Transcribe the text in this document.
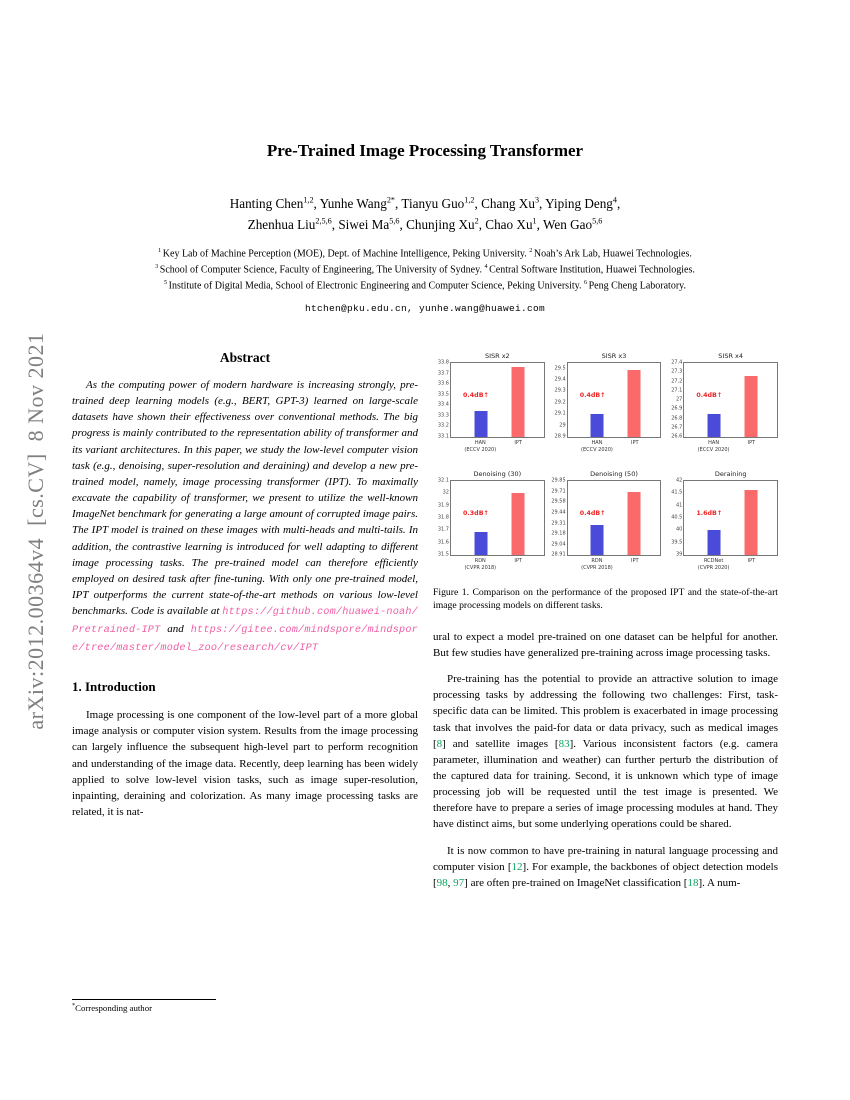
arXiv:2012.00364v4  [cs.CV]  8 Nov 2021
Pre-Trained Image Processing Transformer
Hanting Chen$^{1,2}$, Yunhe Wang$^{2*}$, Tianyu Guo$^{1,2}$, Chang Xu$^3$, Yiping Deng$^4$,
Zhenhua Liu$^{2,5,6}$, Siwei Ma$^{5,6}$, Chunjing Xu$^2$, Chao Xu$^1$, Wen Gao$^{5,6}$
$^1$ Key Lab of Machine Perception (MOE), Dept. of Machine Intelligence, Peking University. $^2$ Noah’s Ark Lab, Huawei Technologies.
$^3$ School of Computer Science, Faculty of Engineering, The University of Sydney. $^4$ Central Software Institution, Huawei Technologies.
$^5$ Institute of Digital Media, School of Electronic Engineering and Computer Science, Peking University. $^6$ Peng Cheng Laboratory.
htchen@pku.edu.cn, yunhe.wang@huawei.com
Abstract

As the computing power of modern hardware is increasing strongly, pre-trained deep learning models (e.g., BERT, GPT-3) learned on large-scale datasets have shown their effectiveness over conventional methods. The big progress is mainly contributed to the representation ability of transformer and its variant architectures. In this paper, we study the low-level computer vision task (e.g., denoising, super-resolution and deraining) and develop a new pre-trained model, namely, image processing transformer (IPT). To maximally excavate the capability of transformer, we present to utilize the well-known ImageNet benchmark for generating a large amount of corrupted image pairs. The IPT model is trained on these images with multi-heads and multi-tails. In addition, the contrastive learning is introduced for well adapting to different image processing tasks. The pre-trained model can therefore efficiently employed on desired task after fine-tuning. With only one pre-trained model, IPT outperforms the current state-of-the-art methods on various low-level benchmarks. Code is available at https://github.com/huawei-noah/Pretrained-IPT and https://gitee.com/mindspore/mindspore/tree/master/model_zoo/research/cv/IPT

1. Introduction

Image processing is one component of the low-level part of a more global image analysis or computer vision system. Results from the image processing can largely influence the subsequent high-level part to perform recognition and understanding of the image data. Recently, deep learning has been widely applied to solve low-level vision tasks, such as image super-resolution, inpainting, deraining and colorization. As many image processing tasks are related, it is nat-

*Corresponding author
SISR x2
33.1
33.2
33.3
33.4
33.5
33.6
33.7
33.8
0.4dB↑
HAN
(ECCV 2020)
IPT
SISR x3
28.9
29
29.1
29.2
29.3
29.4
29.5
0.4dB↑
HAN
(ECCV 2020)
IPT
SISR x4
26.6
26.7
26.8
26.9
27
27.1
27.2
27.3
27.4
0.4dB↑
HAN
(ECCV 2020)
IPT
Denoising (30)
31.5
31.6
31.7
31.8
31.9
32
32.1
0.3dB↑
RDN
(CVPR 2018)
IPT
Denoising (50)
28.91
29.04
29.18
29.31
29.44
29.58
29.71
29.85
0.4dB↑
RDN
(CVPR 2018)
IPT
Deraining
39
39.5
40
40.5
41
41.5
42
1.6dB↑
RCDNet
(CVPR 2020)
IPT
Figure 1. Comparison on the performance of the proposed IPT and the state-of-the-art image processing models on different tasks.

ural to expect a model pre-trained on one dataset can be helpful for another. But few studies have generalized pre-training across image processing tasks.

Pre-training has the potential to provide an attractive solution to image processing tasks by addressing the following two challenges: First, task-specific data can be limited. This problem is exacerbated in image processing task that involves the paid-for data or data privacy, such as medical images [8] and satellite images [83]. Various inconsistent factors (e.g. camera parameter, illumination and weather) can further perturb the distribution of the captured data for training. Second, it is unknown which type of image processing job will be requested until the test image is presented. We therefore have to prepare a series of image processing modules at hand. They have distinct aims, but some underlying operations could be shared.

It is now common to have pre-training in natural language processing and computer vision [12]. For example, the backbones of object detection models [98, 97] are often pre-trained on ImageNet classification [18]. A num-
